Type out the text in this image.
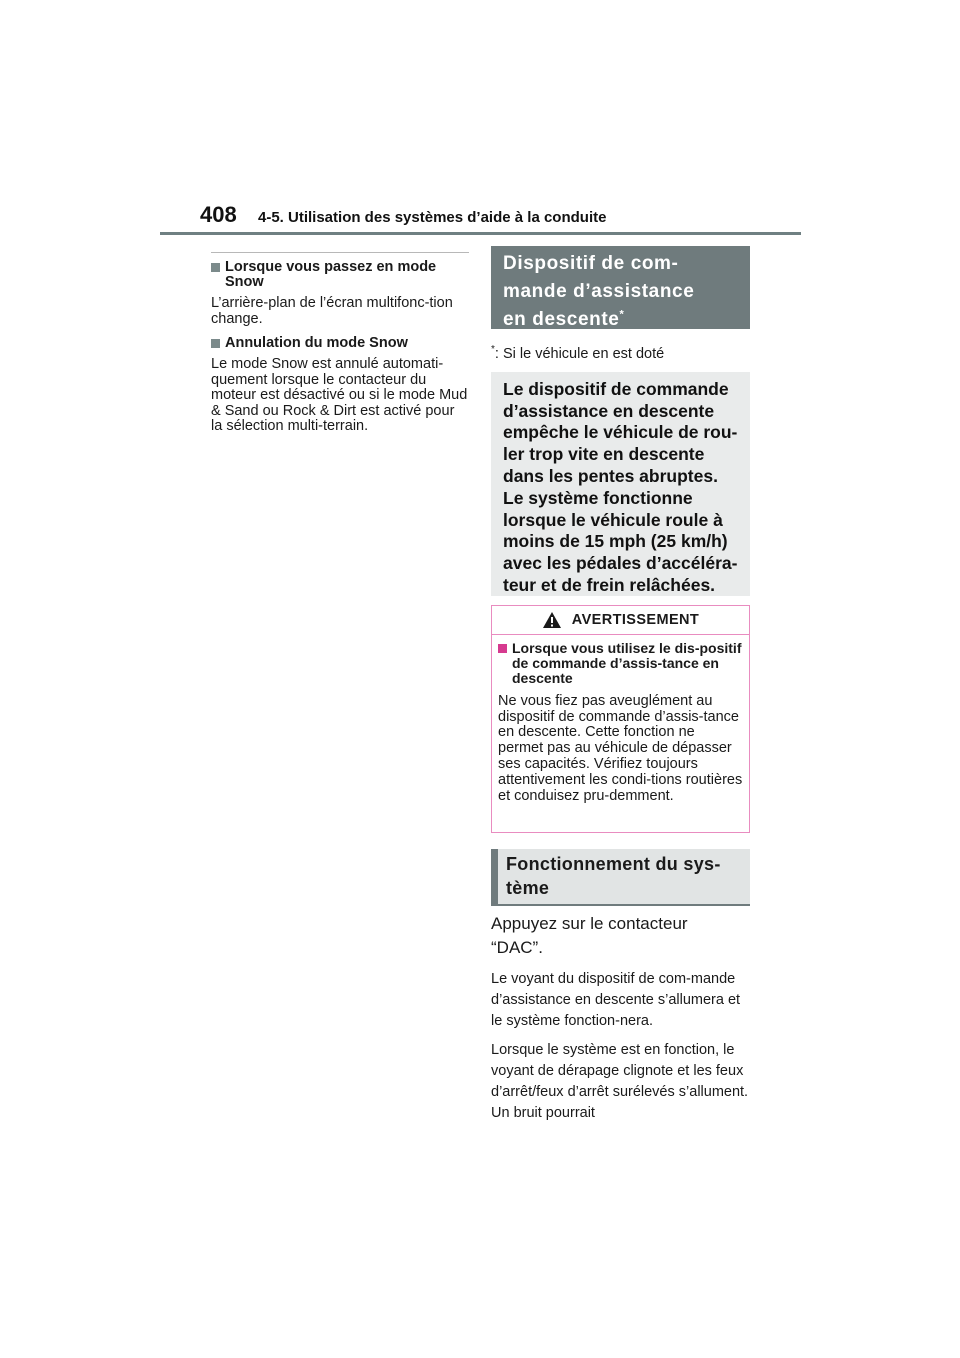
408 4-5. Utilisation des systèmes d’aide à la conduite
Lorsque vous passez en mode Snow

L’arrière-plan de l’écran multifonc-tion change.

Annulation du mode Snow

Le mode Snow est annulé automati-quement lorsque le contacteur du moteur est désactivé ou si le mode Mud & Sand ou Rock & Dirt est activé pour la sélection multi-terrain.

Dispositif de com-
mande d’assistance
en descente*

*: Si le véhicule en est doté

Le dispositif de commande
d’assistance en descente
empêche le véhicule de rou-
ler trop vite en descente
dans les pentes abruptes.
Le système fonctionne
lorsque le véhicule roule à
moins de 15 mph (25 km/h)
avec les pédales d’accéléra-
teur et de frein relâchées.
AVERTISSEMENT
Lorsque vous utilisez le dis-positif de commande d’assis-tance en descente

Ne vous fiez pas aveuglément au dispositif de commande d’assis-tance en descente. Cette fonction ne permet pas au véhicule de dépasser ses capacités. Vérifiez toujours attentivement les condi-tions routières et conduisez pru-demment.

Fonctionnement du sys-
tème
Appuyez sur le contacteur
“DAC”.

Le voyant du dispositif de com-mande d’assistance en descente s’allumera et le système fonction-nera.

Lorsque le système est en fonction, le voyant de dérapage clignote et les feux d’arrêt/feux d’arrêt surélevés s’allument. Un bruit pourrait
